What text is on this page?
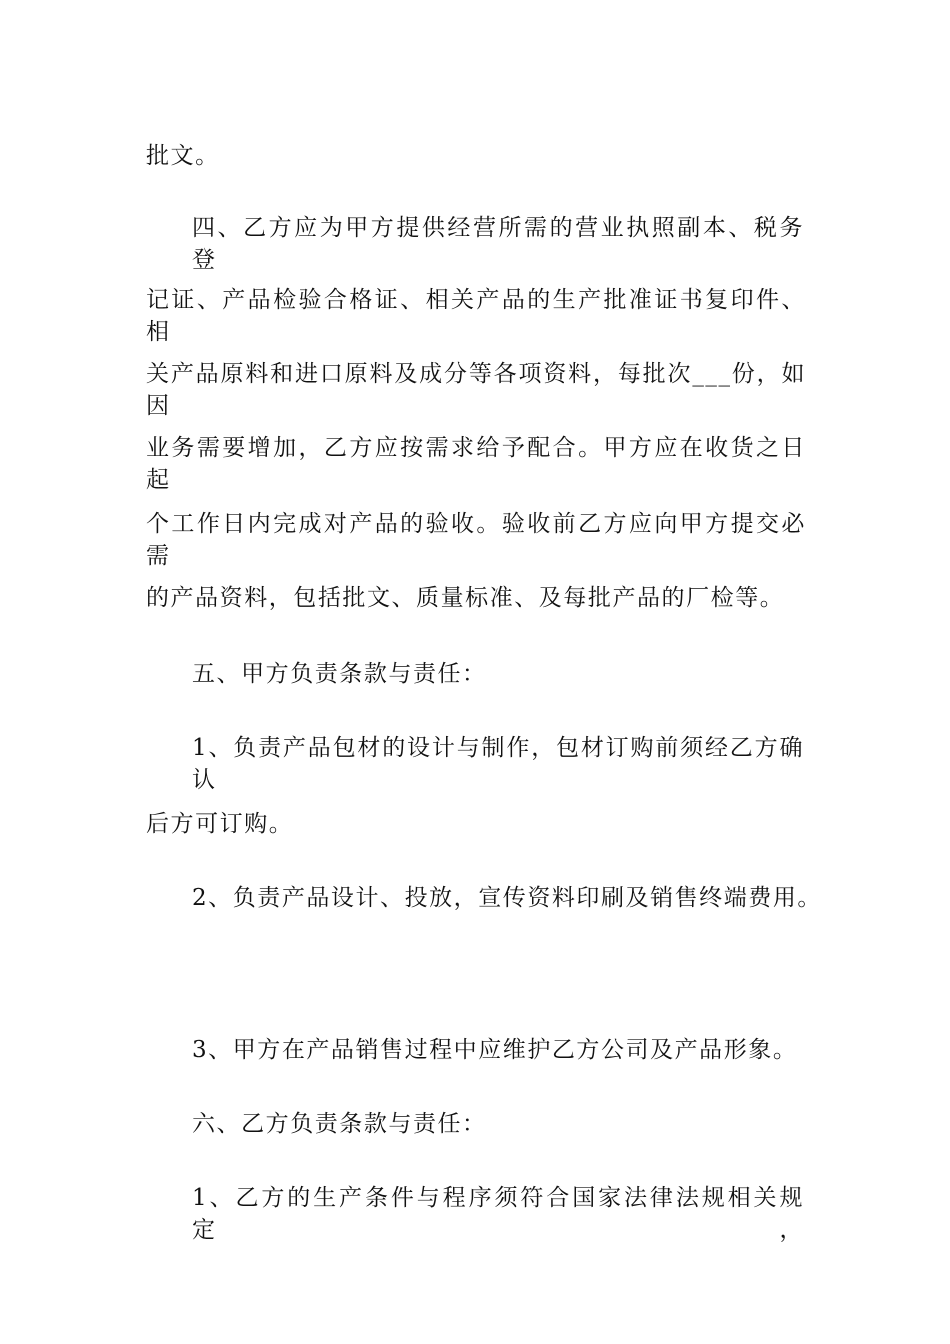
批文。
四、乙方应为甲方提供经营所需的营业执照副本、税务登
记证、产品检验合格证、相关产品的生产批准证书复印件、相
关产品原料和进口原料及成分等各项资料，每批次___份，如因
业务需要增加，乙方应按需求给予配合。甲方应在收货之日起
个工作日内完成对产品的验收。验收前乙方应向甲方提交必需
的产品资料，包括批文、质量标准、及每批产品的厂检等。
五、甲方负责条款与责任：
1、负责产品包材的设计与制作，包材订购前须经乙方确认
后方可订购。
2、负责产品设计、投放，宣传资料印刷及销售终端费用。
3、甲方在产品销售过程中应维护乙方公司及产品形象。
六、乙方负责条款与责任：
1、乙方的生产条件与程序须符合国家法律法规相关规定，
